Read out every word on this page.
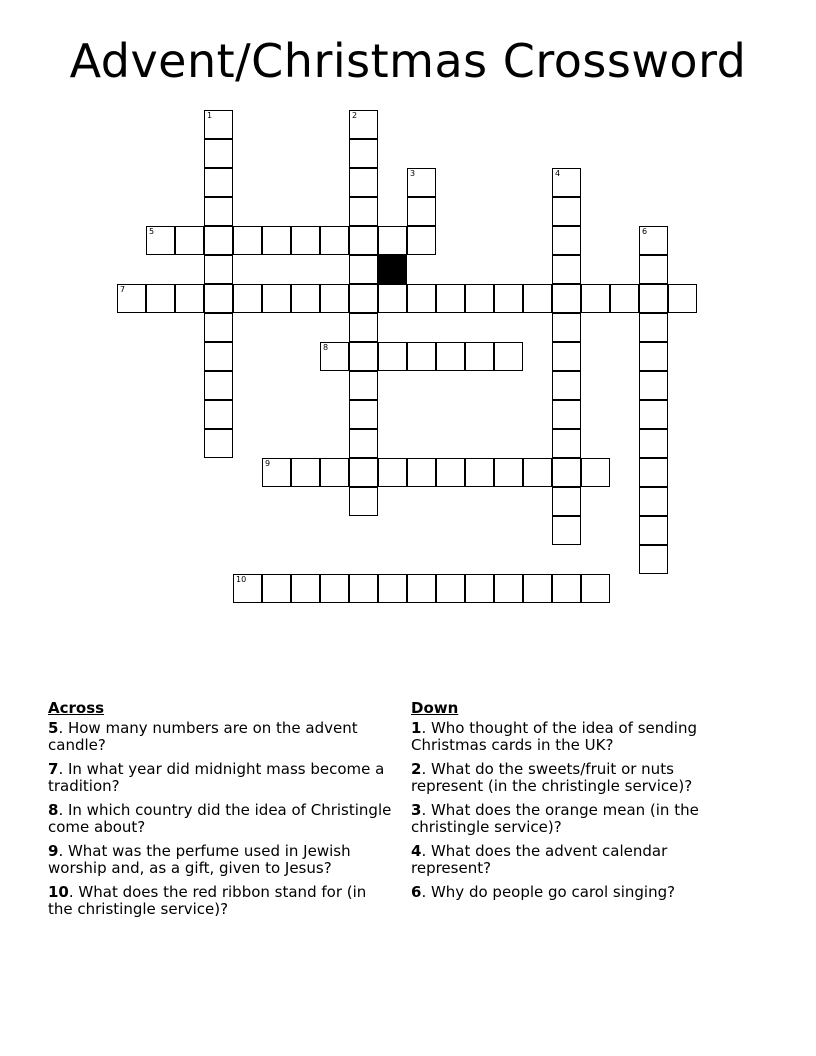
Advent/Christmas Crossword
1	2
3	4
5	6
7
8
9
10
Across
5. How many numbers are on the advent candle?
7. In what year did midnight mass become a tradition?
8. In which country did the idea of Christingle come about?
9. What was the perfume used in Jewish worship and, as a gift, given to Jesus?
10. What does the red ribbon stand for (in the christingle service)?
Down
1. Who thought of the idea of sending Christmas cards in the UK?
2. What do the sweets/fruit or nuts represent (in the christingle service)?
3. What does the orange mean (in the christingle service)?
4. What does the advent calendar represent?
6. Why do people go carol singing?
